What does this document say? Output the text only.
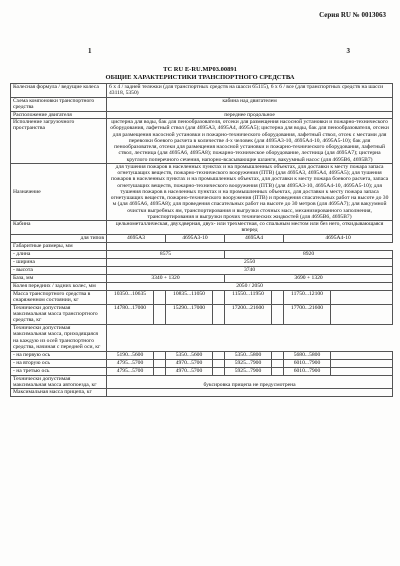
Серия RU № 0013063
1	3
TC RU E-RU.MP03.00891
ОБЩИЕ ХАРАКТЕРИСТИКИ ТРАНСПОРТНОГО СРЕДСТВА
Колесная формула / ведущие колеса	6 x 4 / задней тележки (для транспортных средств на шасси 65115), 6 x 6 / все (для транспортных средств на шасси 43118, 5350)							
Схема компоновки транспортного средства	кабина над двигателем							
Расположение двигателя	переднее продольное							
Исполнение загрузочного пространства	цистерна для воды, бак для пенообразователя, отсеки для размещения насосной установки и пожарно-технического оборудования, лафетный ствол (для 4695А3, 4695А4, 4695А5); цистерна для воды, бак для пенообразователя, отсеки для размещения насосной установки и пожарно-технического оборудования, лафетный ствол, отсек с местами для перевозки боевого расчета в количестве 4-х человек (для 4695А3-10, 4695А4-10, 4695А5-10); бак для пенообразователя, отсеки для размещения насосной установки и пожарно-технического оборудования, лафетный ствол, лестница (для 4695А6, 4695А8); пожарно-техническое оборудование, лестница (для 4695А7); цистерна круглого поперечного сечения, напорно-всасывающие шланги, вакуумный насос (для 4695В6, 4695В7)							
Назначение	для тушения пожаров в населенных пунктах и на промышленных объектах, для доставки к месту пожара запаса огнетушащих веществ, пожарно-технического вооружения (ПТВ) (для 4695А3, 4695А4, 4695А5); для тушения пожаров в населенных пунктах и на промышленных объектах, для доставки к месту пожара боевого расчета, запаса огнетушащих веществ, пожарно-технического вооружения (ПТВ) (для 4695А3-10, 4695А4-10, 4695А5-10); для тушения пожаров в населенных пунктах и на промышленных объектах, для доставки к месту пожара запаса огнетушащих веществ, пожарно-технического вооружения (ПТВ) и проведения спасательных работ на высоте до 30 м (для 4695А6, 4695А8); для проведения спасательных работ на высоте до 30 метров (для 4695А7); для вакуумной очистки выгребных ям, транспортирования и выгрузки сточных масс, механизированного заполнения, транспортирования и выгрузки прочих технических жидкостей (для 4695В6, 4695В7)							
Кабина	цельнометаллическая, двухдверная, двух- или трехместная, со спальным местом или без него, откидывающаяся вперед							
для типов	4695А3		4695А3-10		4695А4		4695А4-10	
Габаритные размеры, мм								
- длина	8575				8920			
- ширина	2550							
- высота	3740							
База, мм	3340 + 1320				3690 + 1320			
Колея передних / задних колес, мм	2050 / 2050							
Масса транспортного средства в снаряженном состоянии, кг	10350...10635		10835...11050		11550...11950		11750...12100	
Технически допустимая максимальная масса транспортного средства, кг	14780...17000		15290...17000		17200...21600		17700...21600	
Технически допустимая максимальная масса, приходящаяся на каждую из осей транспортного средства, начиная с передней оси, кг								
- на первую ось	5190...5600		5350...5600		5350...5800		5680...5800	
- на вторую ось	4795...5700		4970...5700		5925...7900		6010...7900	
- на третью ось	4795...5700		4970...5700		5925...7900		6010...7900	
Технически допустимая максимальная масса автопоезда, кг	буксировка прицепа не предусмотрена							
Максимальная масса прицепа, кг								
